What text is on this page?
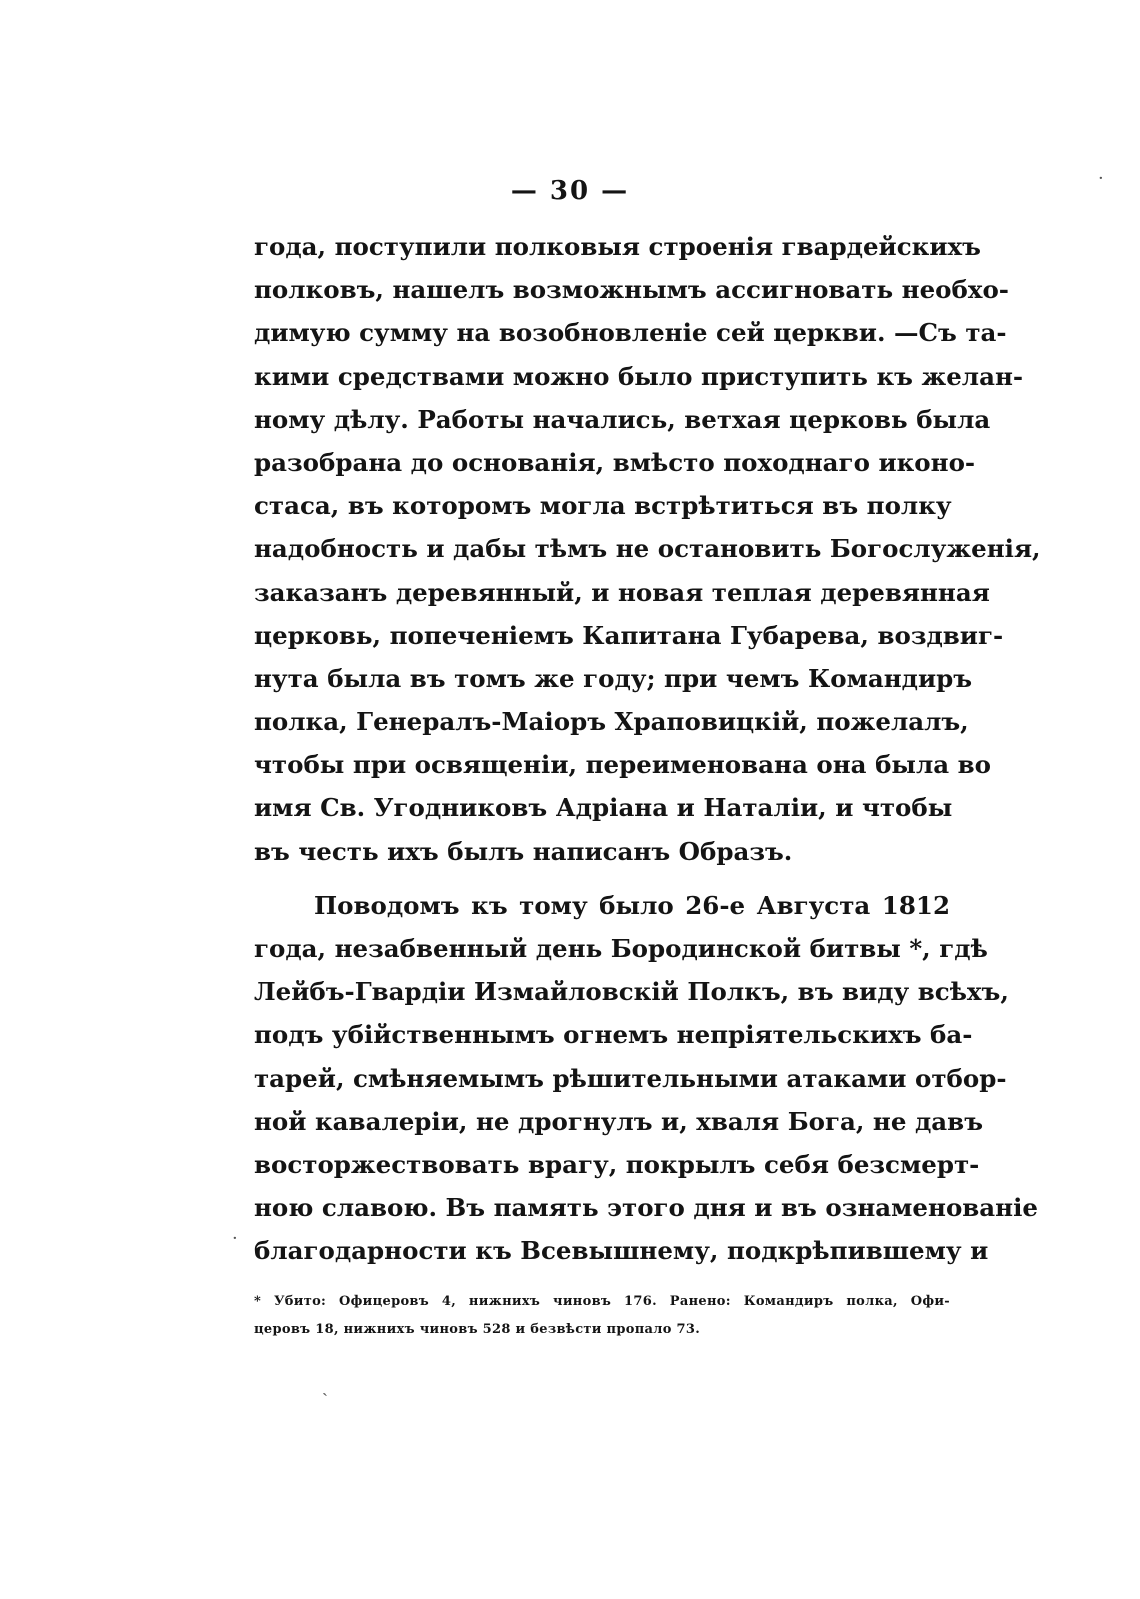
— 30 —
года, поступили полковыя строенія гвардейскихъ
полковъ, нашелъ возможнымъ ассигновать необхо-
димую сумму на возобновленіе сей церкви. —Съ та-
кими средствами можно было приступить къ желан-
ному дѣлу. Работы начались, ветхая церковь была
разобрана до основанія, вмѣсто походнаго иконо-
стаса, въ которомъ могла встрѣтиться въ полку
надобность и дабы тѣмъ не остановить Богослуженія,
заказанъ деревянный, и новая теплая деревянная
церковь, попеченіемъ Капитана Губарева, воздвиг-
нута была въ томъ же году; при чемъ Командиръ
полка, Генералъ-Маіоръ Храповицкій, пожелалъ,
чтобы при освященіи, переименована она была во
имя Св. Угодниковъ Адріана и Наталіи, и чтобы
въ честь ихъ былъ написанъ Образъ.
Поводомъ къ тому было 26-е Августа 1812
года, незабвенный день Бородинской битвы *, гдѣ
Лейбъ-Гвардіи Измайловскій Полкъ, въ виду всѣхъ,
подъ убійственнымъ огнемъ непріятельскихъ ба-
тарей, смѣняемымъ рѣшительными атаками отбор-
ной кавалеріи, не дрогнулъ и, хваля Бога, не давъ
восторжествовать врагу, покрылъ себя безсмерт-
ною славою. Въ память этого дня и въ ознаменованіе
благодарности къ Всевышнему, подкрѣпившему и
* Убито: Офицеровъ 4, нижнихъ чиновъ 176. Ранено: Командиръ полка, Офи-
церовъ 18, нижнихъ чиновъ 528 и безвѣсти пропало 73.
·
·
ˏ
